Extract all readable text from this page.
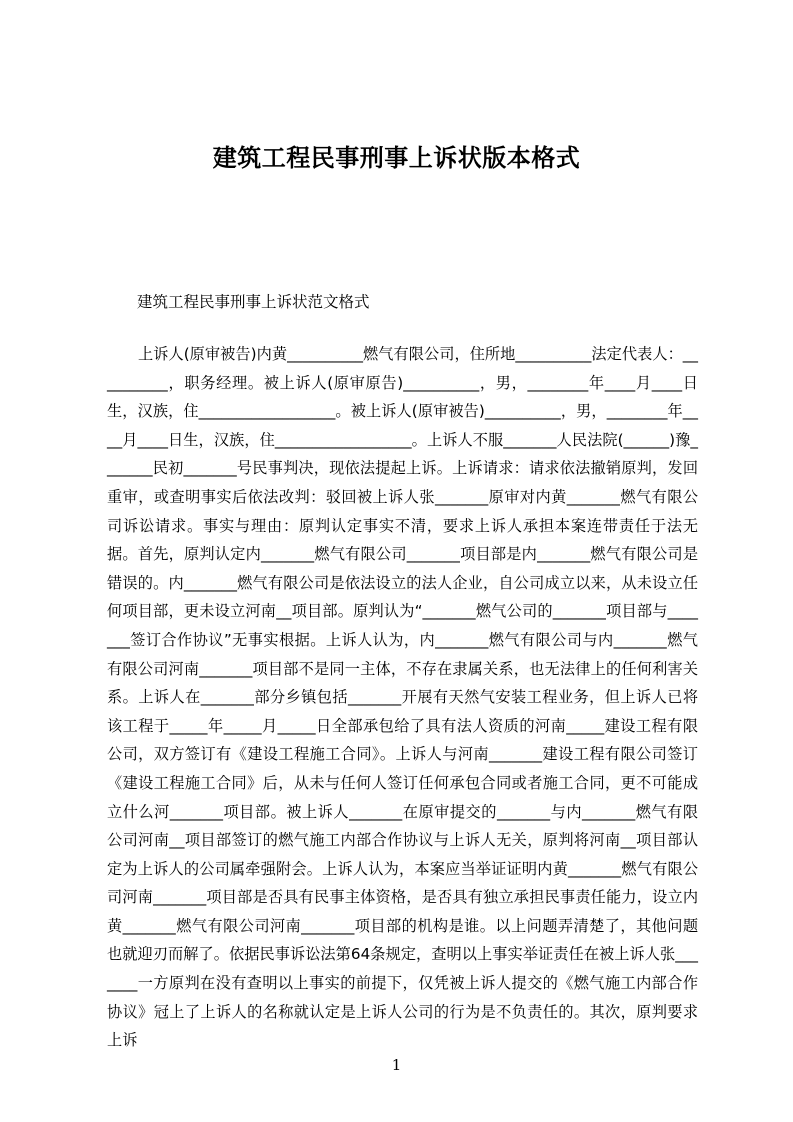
建筑工程民事刑事上诉状版本格式
建筑工程民事刑事上诉状范文格式
上诉人(原审被告)内黄__________燃气有限公司，住所地__________法定代表人：__________，职务经理。被上诉人(原审原告)__________，男，________年____月____日生，汉族，住__________________。被上诉人(原审被告)__________，男，________年____月____日生，汉族，住__________________。上诉人不服_______人民法院(______)豫_______民初_______号民事判决，现依法提起上诉。上诉请求：请求依法撤销原判，发回重审，或查明事实后依法改判：驳回被上诉人张_______原审对内黄_______燃气有限公司诉讼请求。事实与理由：原判认定事实不清，要求上诉人承担本案连带责任于法无据。首先，原判认定内_______燃气有限公司_______项目部是内_______燃气有限公司是错误的。内_______燃气有限公司是依法设立的法人企业，自公司成立以来，从未设立任何项目部，更未设立河南__项目部。原判认为“_______燃气公司的_______项目部与_______签订合作协议”无事实根据。上诉人认为，内_______燃气有限公司与内_______燃气有限公司河南_______项目部不是同一主体，不存在隶属关系，也无法律上的任何利害关系。上诉人在_______部分乡镇包括_______开展有天然气安装工程业务，但上诉人已将该工程于_____年_____月_____日全部承包给了具有法人资质的河南_____建设工程有限公司，双方签订有《建设工程施工合同》。上诉人与河南_______建设工程有限公司签订《建设工程施工合同》后，从未与任何人签订任何承包合同或者施工合同，更不可能成立什么河_______项目部。被上诉人_______在原审提交的_______与内_______燃气有限公司河南__项目部签订的燃气施工内部合作协议与上诉人无关，原判将河南__项目部认定为上诉人的公司属牵强附会。上诉人认为，本案应当举证证明内黄_______燃气有限公司河南_______项目部是否具有民事主体资格，是否具有独立承担民事责任能力，设立内黄_______燃气有限公司河南_______项目部的机构是谁。以上问题弄清楚了，其他问题也就迎刃而解了。依据民事诉讼法第64条规定，查明以上事实举证责任在被上诉人张_______一方原判在没有查明以上事实的前提下，仅凭被上诉人提交的《燃气施工内部合作协议》冠上了上诉人的名称就认定是上诉人公司的行为是不负责任的。其次，原判要求上诉
1
